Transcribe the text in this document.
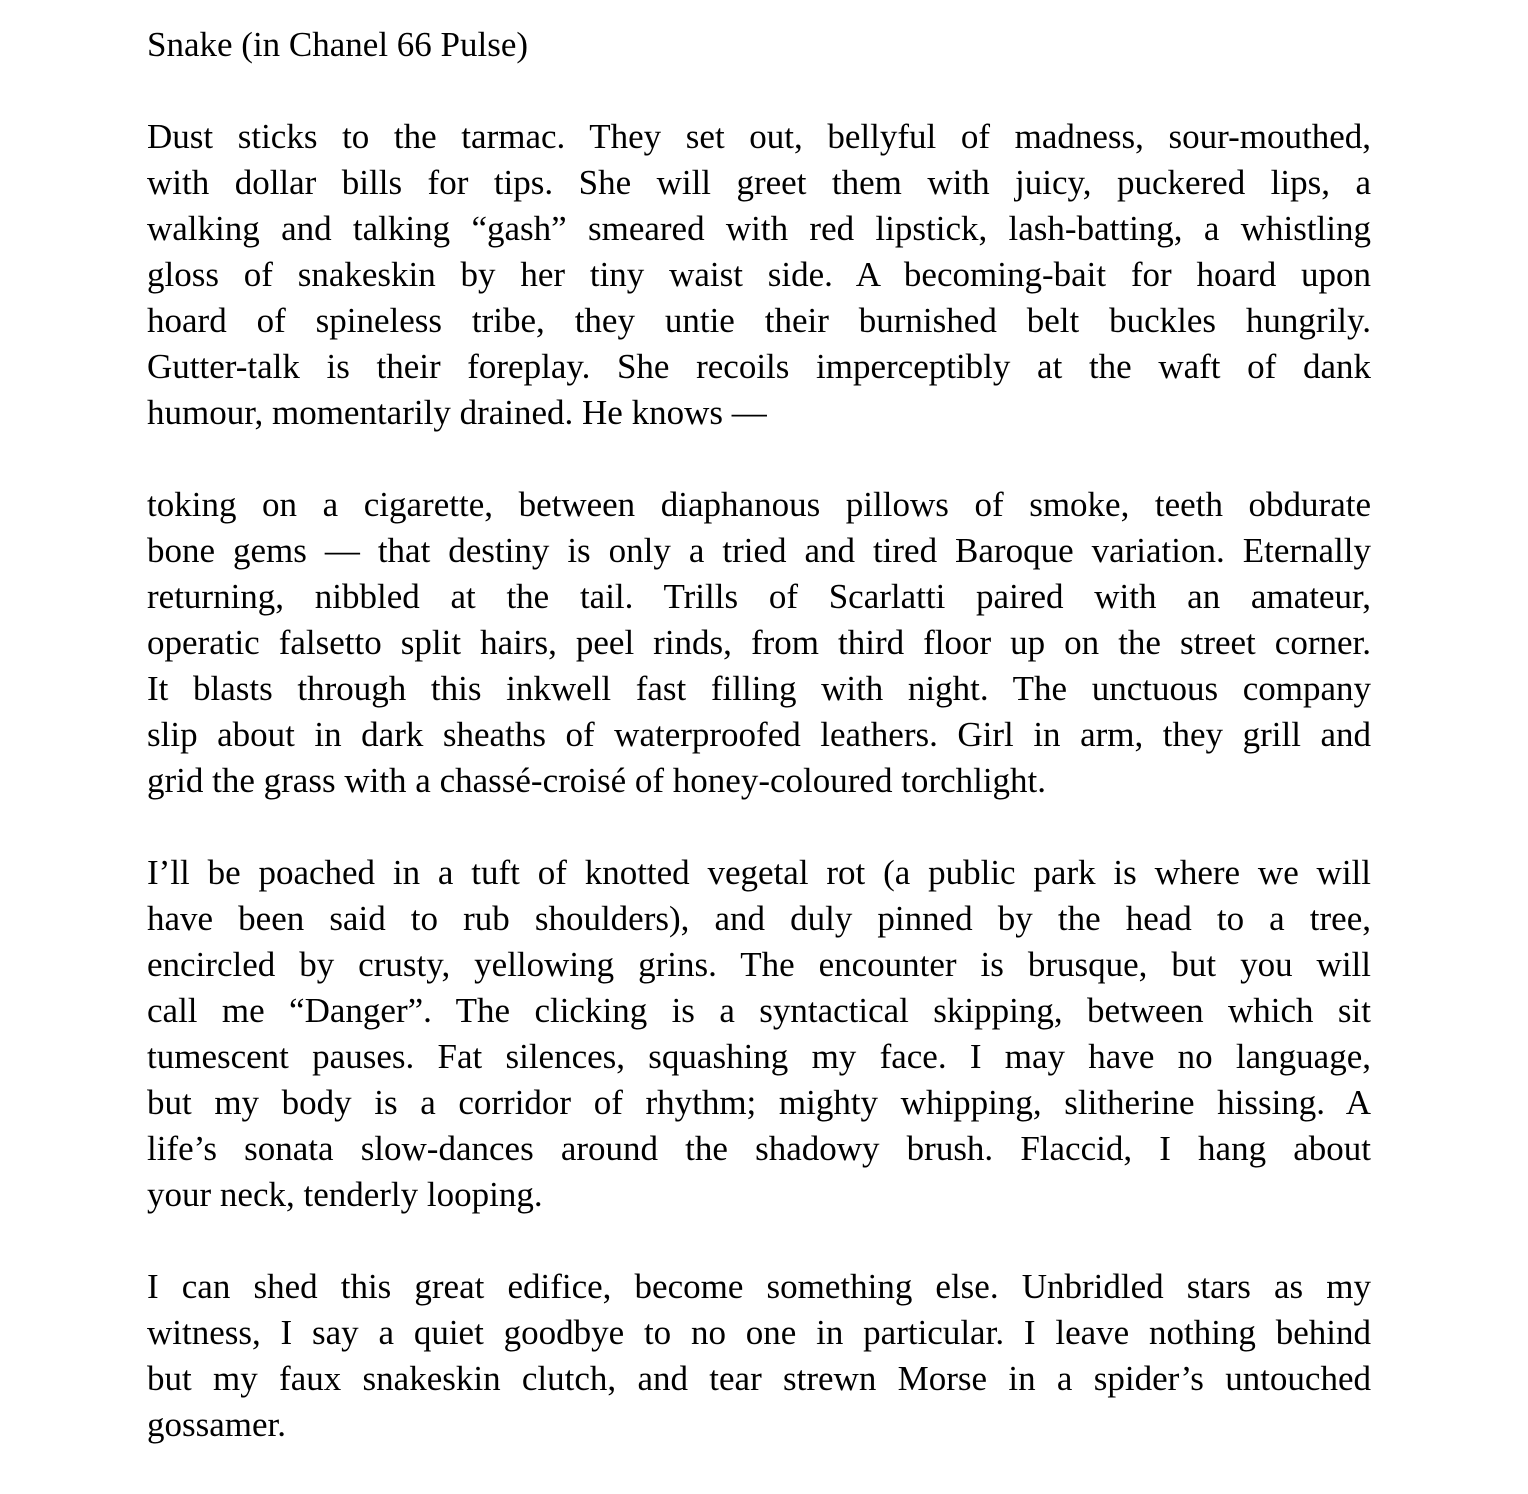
Snake (in Chanel 66 Pulse)
Dust sticks to the tarmac. They set out, bellyful of madness, sour-mouthed,
with dollar bills for tips. She will greet them with juicy, puckered lips, a
walking and talking “gash” smeared with red lipstick, lash-batting, a whistling
gloss of snakeskin by her tiny waist side. A becoming-bait for hoard upon
hoard of spineless tribe, they untie their burnished belt buckles hungrily.
Gutter-talk is their foreplay. She recoils imperceptibly at the waft of dank
humour, momentarily drained. He knows —
toking on a cigarette, between diaphanous pillows of smoke, teeth obdurate
bone gems — that destiny is only a tried and tired Baroque variation. Eternally
returning, nibbled at the tail. Trills of Scarlatti paired with an amateur,
operatic falsetto split hairs, peel rinds, from third floor up on the street corner.
It blasts through this inkwell fast filling with night. The unctuous company
slip about in dark sheaths of waterproofed leathers. Girl in arm, they grill and
grid the grass with a chassé-croisé of honey-coloured torchlight.
I’ll be poached in a tuft of knotted vegetal rot (a public park is where we will
have been said to rub shoulders), and duly pinned by the head to a tree,
encircled by crusty, yellowing grins. The encounter is brusque, but you will
call me “Danger”. The clicking is a syntactical skipping, between which sit
tumescent pauses. Fat silences, squashing my face. I may have no language,
but my body is a corridor of rhythm; mighty whipping, slitherine hissing. A
life’s sonata slow-dances around the shadowy brush. Flaccid, I hang about
your neck, tenderly looping.
I can shed this great edifice, become something else. Unbridled stars as my
witness, I say a quiet goodbye to no one in particular. I leave nothing behind
but my faux snakeskin clutch, and tear strewn Morse in a spider’s untouched
gossamer.
